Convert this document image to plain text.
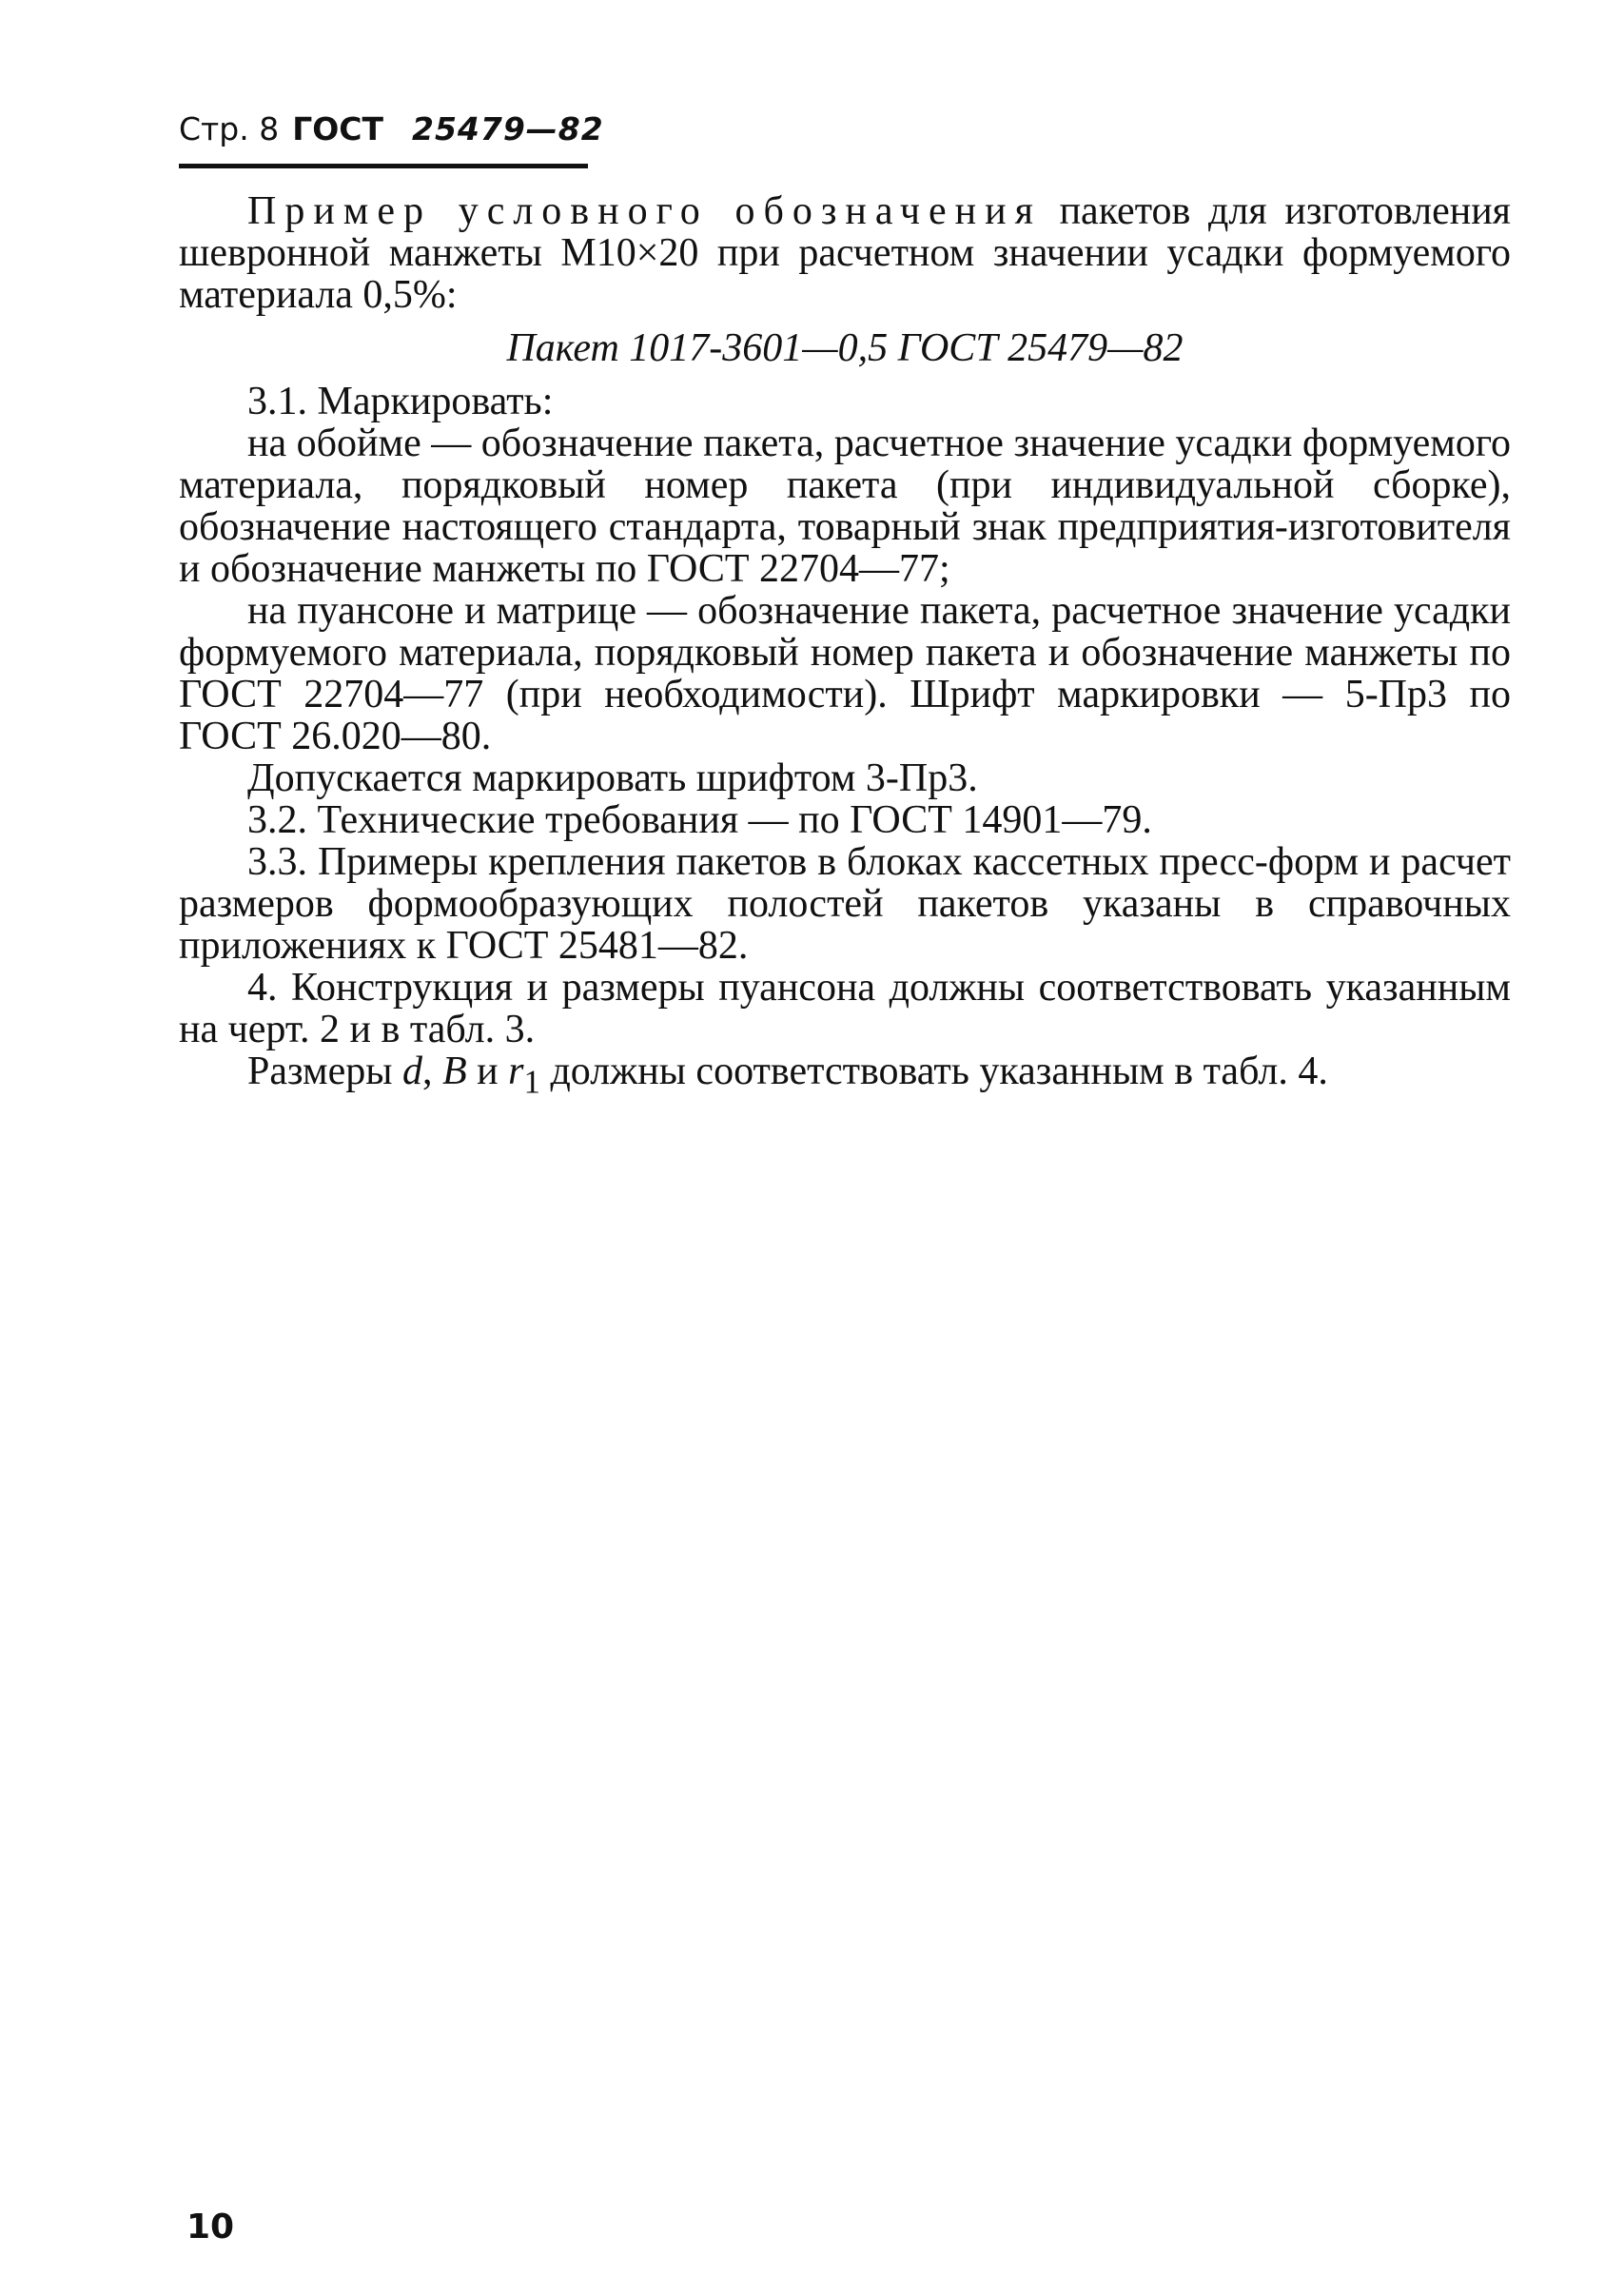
Стр. 8 ГОСТ 25479—82

Пример условного обозначения пакетов для изготовления шевронной манжеты М10×20 при расчетном значении усадки формуемого материала 0,5%:

Пакет 1017-3601—0,5 ГОСТ 25479—82

3.1. Маркировать:

на обойме — обозначение пакета, расчетное значение усадки формуемого материала, порядковый номер пакета (при индивидуальной сборке), обозначение настоящего стандарта, товарный знак предприятия-изготовителя и обозначение манжеты по ГОСТ 22704—77;

на пуансоне и матрице — обозначение пакета, расчетное значение усадки формуемого материала, порядковый номер пакета и обозначение манжеты по ГОСТ 22704—77 (при необходимости). Шрифт маркировки — 5-Пр3 по ГОСТ 26.020—80.

Допускается маркировать шрифтом 3-Пр3.

3.2. Технические требования — по ГОСТ 14901—79.

3.3. Примеры крепления пакетов в блоках кассетных пресс-форм и расчет размеров формообразующих полостей пакетов указаны в справочных приложениях к ГОСТ 25481—82.

4. Конструкция и размеры пуансона должны соответствовать указанным на черт. 2 и в табл. 3.

Размеры d, B и $r_1$ должны соответствовать указанным в табл. 4.

10
